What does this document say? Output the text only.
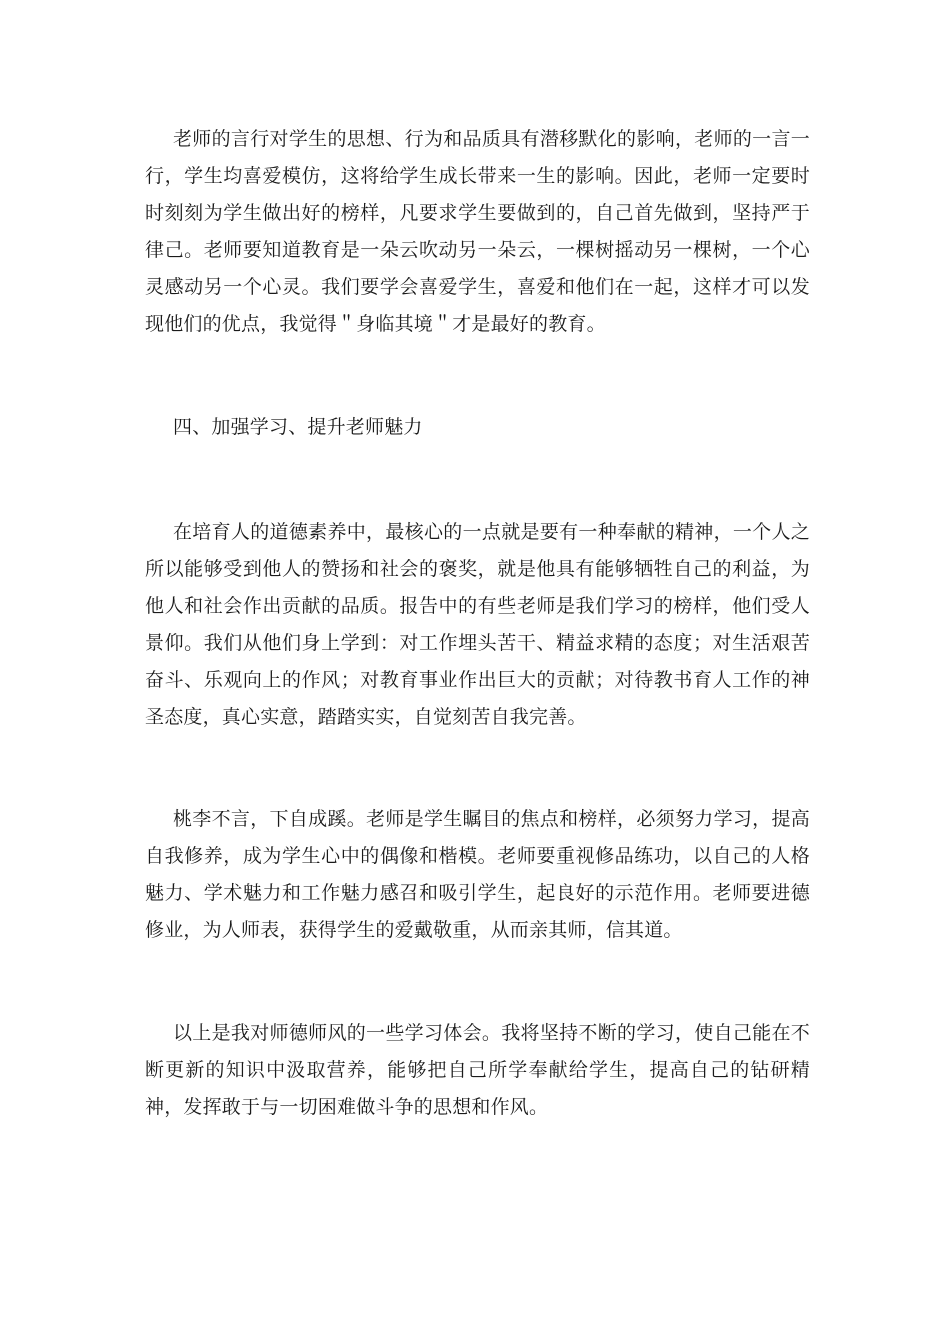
老师的言行对学生的思想、行为和品质具有潜移默化的影响，老师的一言一行，学生均喜爱模仿，这将给学生成长带来一生的影响。因此，老师一定要时时刻刻为学生做出好的榜样，凡要求学生要做到的，自己首先做到，坚持严于律己。老师要知道教育是一朵云吹动另一朵云，一棵树摇动另一棵树，一个心灵感动另一个心灵。我们要学会喜爱学生，喜爱和他们在一起，这样才可以发现他们的优点，我觉得＂身临其境＂才是最好的教育。

四、加强学习、提升老师魅力

在培育人的道德素养中，最核心的一点就是要有一种奉献的精神，一个人之所以能够受到他人的赞扬和社会的褒奖，就是他具有能够牺牲自己的利益，为他人和社会作出贡献的品质。报告中的有些老师是我们学习的榜样，他们受人景仰。我们从他们身上学到：对工作埋头苦干、精益求精的态度；对生活艰苦奋斗、乐观向上的作风；对教育事业作出巨大的贡献；对待教书育人工作的神圣态度，真心实意，踏踏实实，自觉刻苦自我完善。

桃李不言，下自成蹊。老师是学生瞩目的焦点和榜样，必须努力学习，提高自我修养，成为学生心中的偶像和楷模。老师要重视修品练功，以自己的人格魅力、学术魅力和工作魅力感召和吸引学生，起良好的示范作用。老师要进德修业，为人师表，获得学生的爱戴敬重，从而亲其师，信其道。

以上是我对师德师风的一些学习体会。我将坚持不断的学习，使自己能在不断更新的知识中汲取营养，能够把自己所学奉献给学生，提高自己的钻研精神，发挥敢于与一切困难做斗争的思想和作风。
